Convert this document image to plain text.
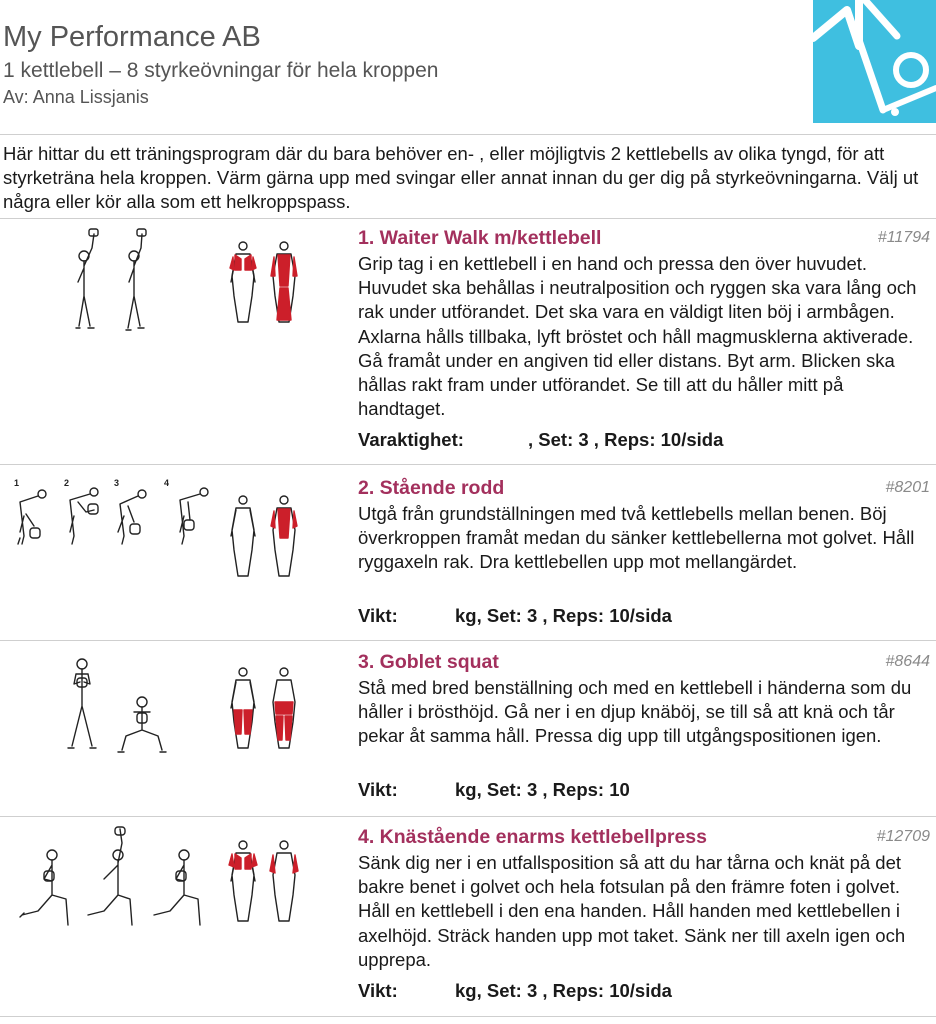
My Performance AB
1 kettlebell – 8 styrkeövningar för hela kroppen
Av: Anna Lissjanis
Här hittar du ett träningsprogram där du bara behöver en- , eller möjligtvis 2 kettlebells av olika tyngd, för att styrketräna hela kroppen. Värm gärna upp med svingar eller annat innan du ger dig på styrkeövningarna. Välj ut några eller kör alla som ett helkroppspass.
1. Waiter Walk m/kettlebell	#11794
Grip tag i en kettlebell i en hand och pressa den över huvudet. Huvudet ska behållas i neutralposition och ryggen ska vara lång och rak under utförandet. Det ska vara en väldigt liten böj i armbågen. Axlarna hålls tillbaka, lyft bröstet och håll magmusklerna aktiverade. Gå framåt under en angiven tid eller distans. Byt arm. Blicken ska hållas rakt fram under utförandet. Se till att du håller mitt på handtaget.
Varaktighet:	, Set: 3 , Reps: 10/sida
1	2	3	4	2. Stående rodd	#8201
Utgå från grundställningen med två kettlebells mellan benen. Böj överkroppen framåt medan du sänker kettlebellerna mot golvet. Håll ryggaxeln rak. Dra kettlebellen upp mot mellangärdet.
Vikt:	kg, Set: 3 , Reps: 10/sida
3. Goblet squat	#8644
Stå med bred benställning och med en kettlebell i händerna som du håller i brösthöjd. Gå ner i en djup knäböj, se till så att knä och tår pekar åt samma håll. Pressa dig upp till utgångspositionen igen.
Vikt:	kg, Set: 3 , Reps: 10
4. Knästående enarms kettlebellpress	#12709
Sänk dig ner i en utfallsposition så att du har tårna och knät på det bakre benet i golvet och hela fotsulan på den främre foten i golvet. Håll en kettlebell i den ena handen. Håll handen med kettlebellen i axelhöjd. Sträck handen upp mot taket. Sänk ner till axeln igen och upprepa.
Vikt:	kg, Set: 3 , Reps: 10/sida
